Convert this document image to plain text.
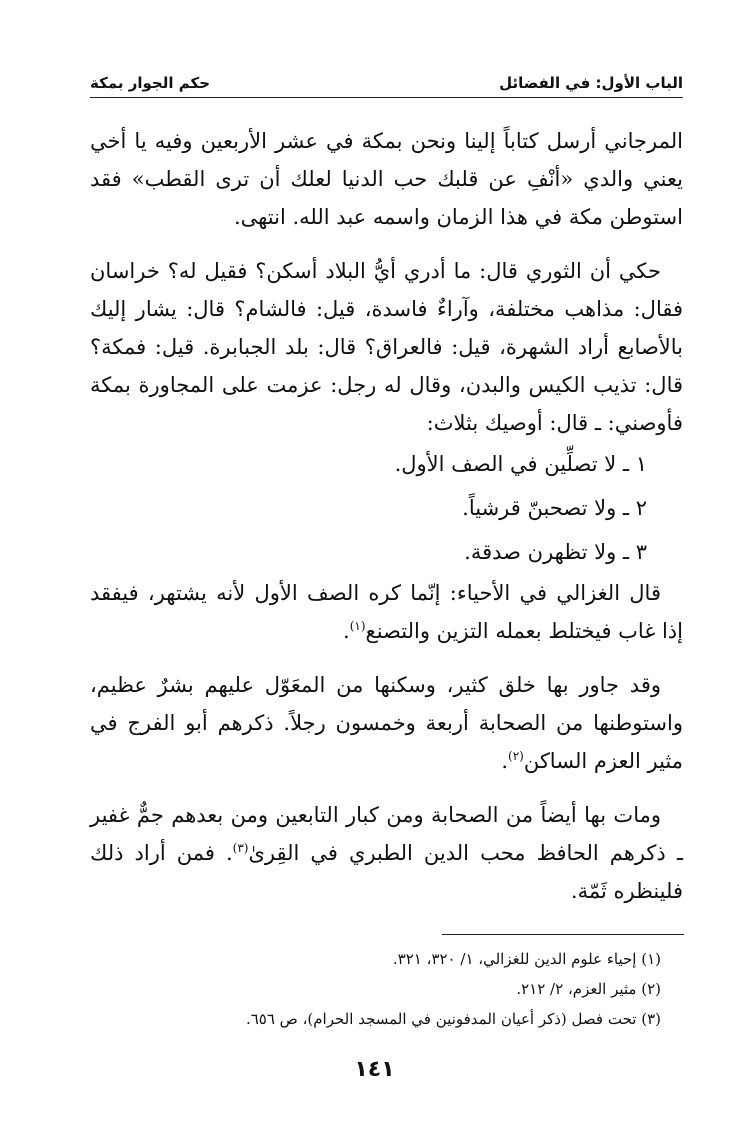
الباب الأول: في الفضائل
حكم الجوار بمكة

المرجاني أرسل كتاباً إلينا ونحن بمكة في عشر الأربعين وفيه يا أخي يعني والدي «أنْفِ عن قلبك حب الدنيا لعلك أن ترى القطب» فقد استوطن مكة في هذا الزمان واسمه عبد الله. انتهى.

حكي أن الثوري قال: ما أدري أيُّ البلاد أسكن؟ فقيل له؟ خراسان فقال: مذاهب مختلفة، وآراءٌ فاسدة، قيل: فالشام؟ قال: يشار إليك بالأصابع أراد الشهرة، قيل: فالعراق؟ قال: بلد الجبابرة. قيل: فمكة؟ قال: تذيب الكيس والبدن، وقال له رجل: عزمت على المجاورة بمكة فأوصني: ـ قال: أوصيك بثلاث:

١ ـ لا تصلِّين في الصف الأول.

٢ ـ ولا تصحبنّ قرشياً.

٣ ـ ولا تظهرن صدقة.

قال الغزالي في الأحياء: إنّما كره الصف الأول لأنه يشتهر، فيفقد إذا غاب فيختلط بعمله التزين والتصنع$^{(١)}$.

وقد جاور بها خلق كثير، وسكنها من المعَوّل عليهم بشرٌ عظيم، واستوطنها من الصحابة أربعة وخمسون رجلاً. ذكرهم أبو الفرج في مثير العزم الساكن$^{(٢)}$.

ومات بها أيضاً من الصحابة ومن كبار التابعين ومن بعدهم جمٌّ غفير ـ ذكرهم الحافظ محب الدين الطبري في القِرىٰ$^{(٣)}$. فمن أراد ذلك فلينظره ثَمّة.

(١) إحياء علوم الدين للغزالي، ١/ ٣٢٠، ٣٢١.

(٢) مثير العزم، ٢/ ٢١٢.

(٣) تحت فصل (ذكر أعيان المدفونين في المسجد الحرام)، ص ٦٥٦.

١٤١
